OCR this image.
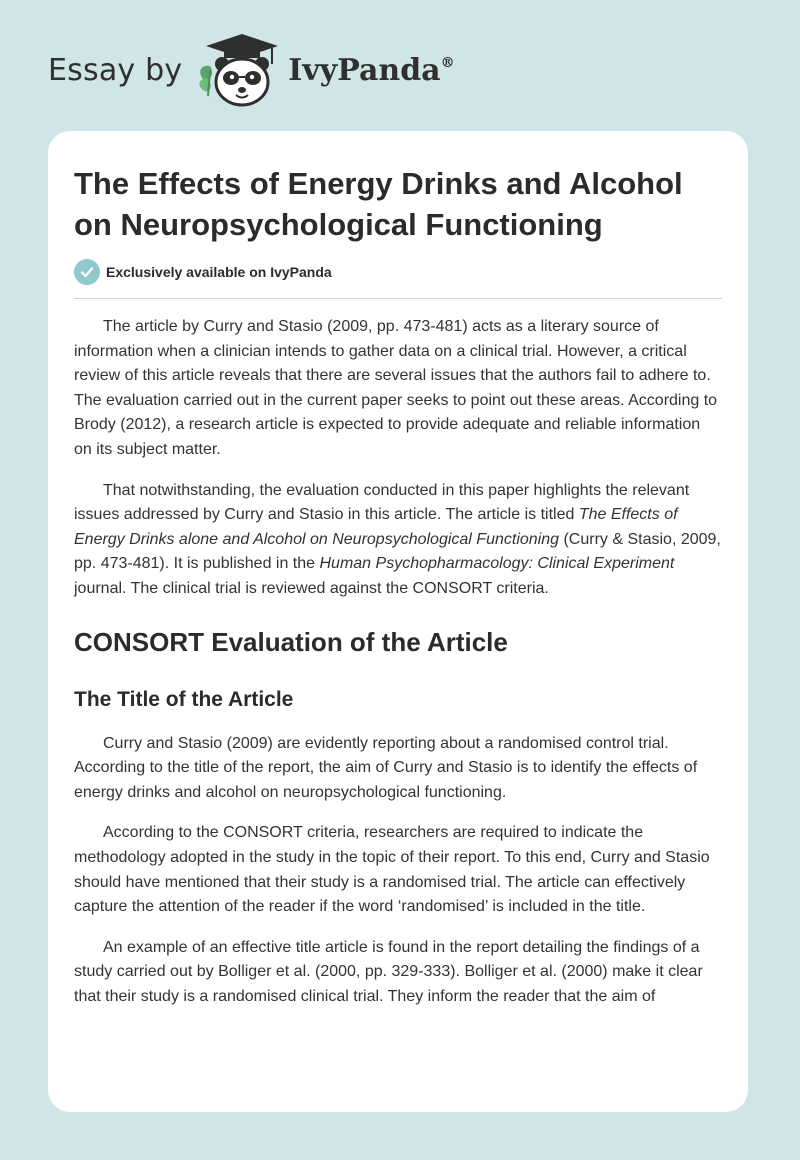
Essay by	IvyPanda®
The Effects of Energy Drinks and Alcohol on Neuropsychological Functioning
Exclusively available on IvyPanda

The article by Curry and Stasio (2009, pp. 473-481) acts as a literary source of information when a clinician intends to gather data on a clinical trial. However, a critical review of this article reveals that there are several issues that the authors fail to adhere to. The evaluation carried out in the current paper seeks to point out these areas. According to Brody (2012), a research article is expected to provide adequate and reliable information on its subject matter.

That notwithstanding, the evaluation conducted in this paper highlights the relevant issues addressed by Curry and Stasio in this article. The article is titled The Effects of Energy Drinks alone and Alcohol on Neuropsychological Functioning (Curry & Stasio, 2009, pp. 473-481). It is published in the Human Psychopharmacology: Clinical Experiment journal. The clinical trial is reviewed against the CONSORT criteria.

CONSORT Evaluation of the Article
The Title of the Article

Curry and Stasio (2009) are evidently reporting about a randomised control trial. According to the title of the report, the aim of Curry and Stasio is to identify the effects of energy drinks and alcohol on neuropsychological functioning.

According to the CONSORT criteria, researchers are required to indicate the methodology adopted in the study in the topic of their report. To this end, Curry and Stasio should have mentioned that their study is a randomised trial. The article can effectively capture the attention of the reader if the word ‘randomised’ is included in the title.

An example of an effective title article is found in the report detailing the findings of a study carried out by Bolliger et al. (2000, pp. 329-333). Bolliger et al. (2000) make it clear that their study is a randomised clinical trial. They inform the reader that the aim of
